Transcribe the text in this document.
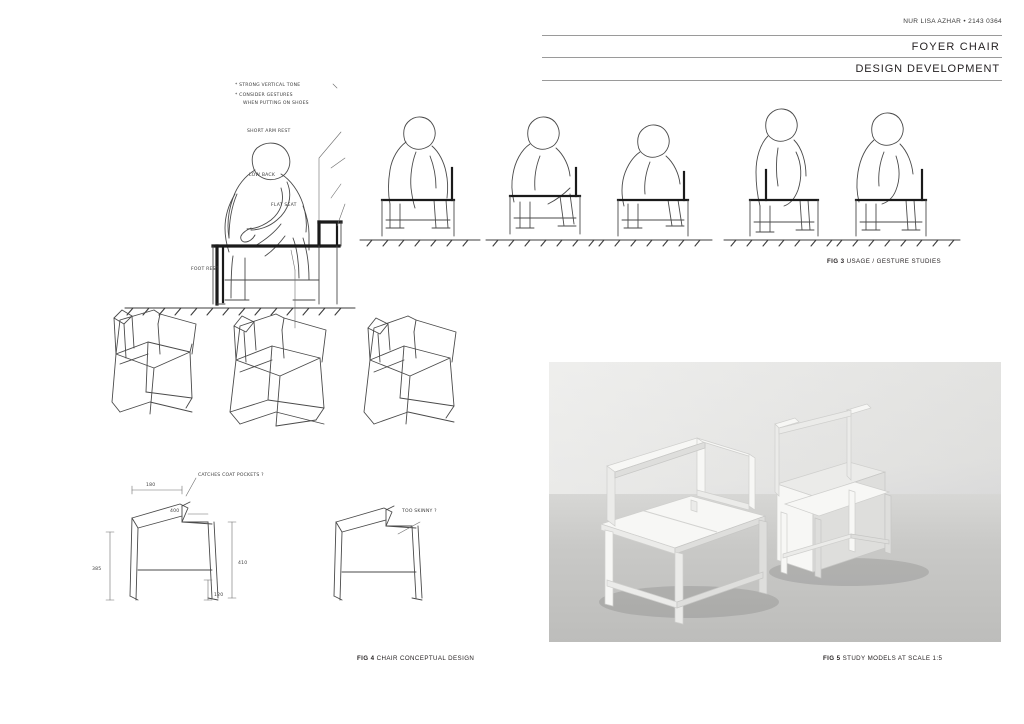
NUR LISA AZHAR • 2143 0364
FOYER CHAIR
DESIGN DEVELOPMENT
* STRONG VERTICAL TONE
* CONSIDER GESTURES
WHEN PUTTING ON SHOES
SHORT ARM REST
LOW BACK
FLAT SEAT
FOOT REST
FIG 3 USAGE / GESTURE STUDIES
180
400
410
385
120
CATCHES COAT POCKETS ?
TOO SKINNY ?
FIG 4 CHAIR CONCEPTUAL DESIGN	FIG 5 STUDY MODELS AT SCALE 1:5
